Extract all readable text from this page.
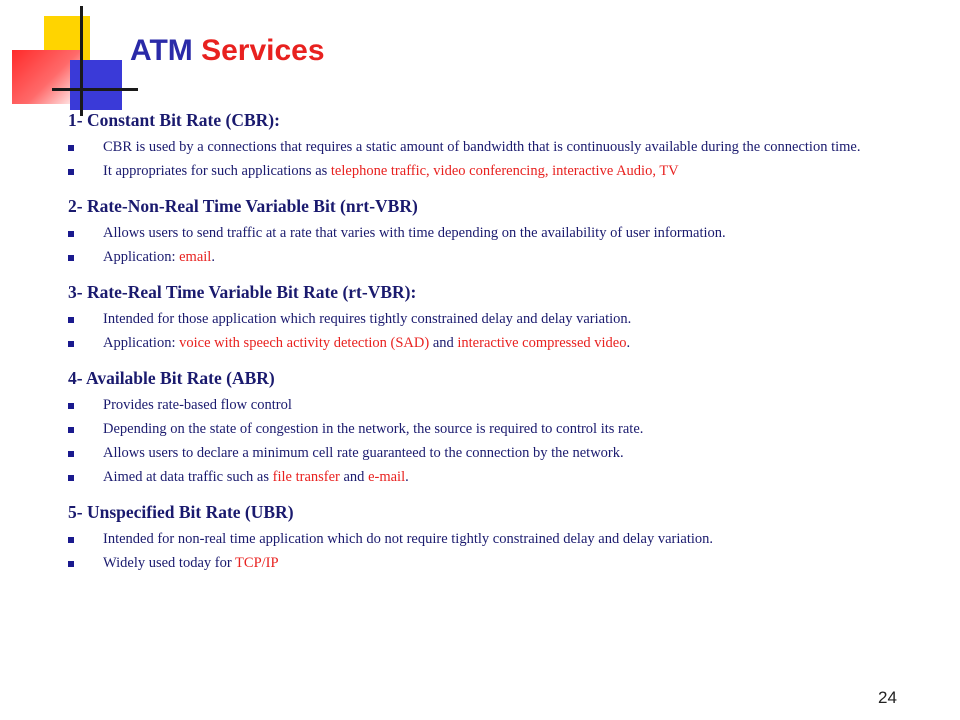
ATM Services
1- Constant Bit Rate (CBR):
CBR is used by a connections that requires a static amount of bandwidth that is continuously available during the connection time.
It appropriates for such applications as telephone traffic, video conferencing, interactive Audio, TV
2- Rate-Non-Real Time Variable Bit (nrt-VBR)
Allows users to send traffic at a rate that varies with time depending on the availability of user information.
Application: email.
3- Rate-Real Time Variable Bit Rate (rt-VBR):
Intended for those application which requires tightly constrained delay and delay variation.
Application: voice with speech activity detection (SAD) and interactive compressed video.
4- Available Bit Rate (ABR)
Provides rate-based flow control
Depending on the state of congestion in the network, the source is required to control its rate.
Allows users to declare a minimum cell rate guaranteed to the connection by the network.
Aimed at data traffic such as file transfer and e-mail.
5- Unspecified Bit Rate (UBR)
Intended for non-real time application which do not require tightly constrained delay and delay variation.
Widely used today for TCP/IP
24
